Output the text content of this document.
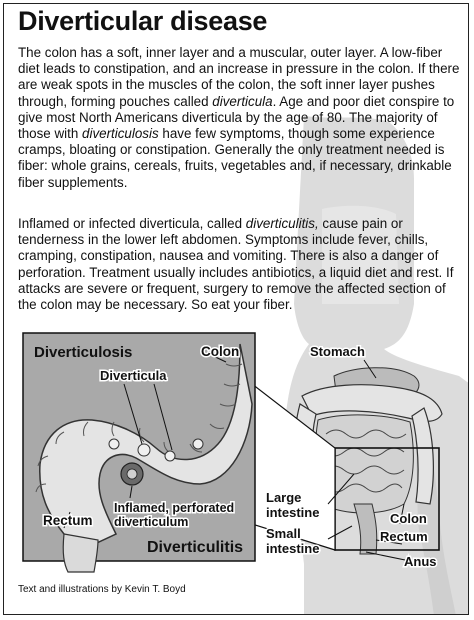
Diverticulosis	Colon
Diverticula
Rectum
Inflamed, perforated
diverticulum
Diverticulitis
Stomach
Large
intestine
Small
intestine
Colon
Rectum
Anus
Diverticular disease
The colon has a soft, inner layer and a muscular, outer layer. A low-fiber diet leads to constipation, and an increase in pressure in the colon. If there are weak spots in the muscles of the colon, the soft inner layer pushes through, forming pouches called diverticula. Age and poor diet conspire to give most North Americans diverticula by the age of 80. The majority of those with diverticulosis have few symptoms, though some experience cramps, bloating or constipation. Generally the only treatment needed is fiber: whole grains, cereals, fruits, vegetables and, if necessary, drinkable fiber supplements.
Inflamed or infected diverticula, called diverticulitis, cause pain or tenderness in the lower left abdomen. Symptoms include fever, chills, cramping, constipation, nausea and vomiting. There is also a danger of perforation. Treatment usually includes antibiotics, a liquid diet and rest. If attacks are severe or frequent, surgery to remove the affected section of the colon may be necessary. So eat your fiber.
Text and illustrations by Kevin T. Boyd
